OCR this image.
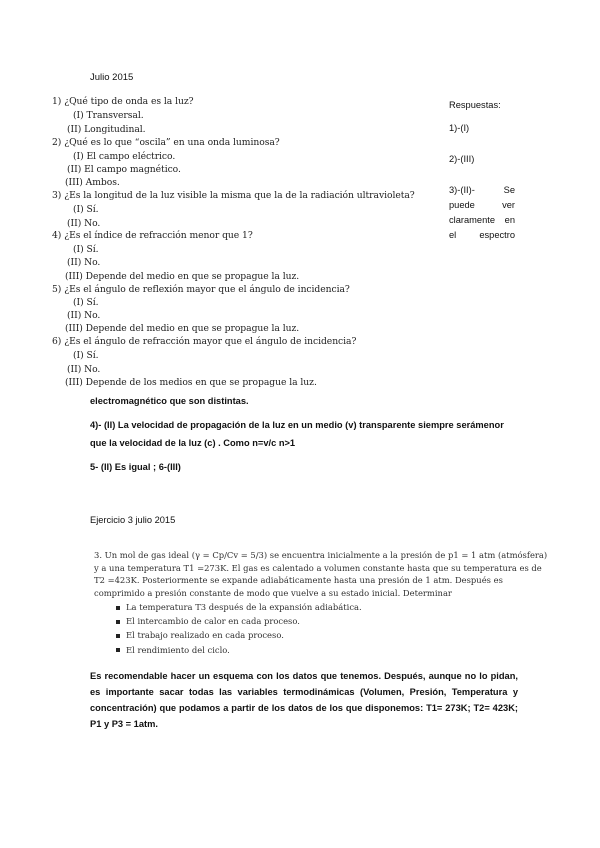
Julio 2015
1) ¿Qué tipo de onda es la luz?
(I) Transversal.
(II) Longitudinal.
2) ¿Qué es lo que “oscila” en una onda luminosa?
(I) El campo eléctrico.
(II) El campo magnético.
(III) Ambos.
3) ¿Es la longitud de la luz visible la misma que la de la radiación ultravioleta?
(I) Sí.
(II) No.
4) ¿Es el índice de refracción menor que 1?
(I) Sí.
(II) No.
(III) Depende del medio en que se propague la luz.
5) ¿Es el ángulo de reflexión mayor que el ángulo de incidencia?
(I) Sí.
(II) No.
(III) Depende del medio en que se propague la luz.
6) ¿Es el ángulo de refracción mayor que el ángulo de incidencia?
(I) Sí.
(II) No.
(III) Depende de los medios en que se propague la luz.
Respuestas:
1)-(I)
2)-(III)

3)-(II)- Se

puede ver

claramente en

el espectro

electromagnético que son distintas.
4)- (II) La velocidad de propagación de la luz en un medio (v) transparente siempre serámenor
que la velocidad de la luz (c) . Como n=v/c n>1
5- (II) Es igual ; 6-(III)
Ejercicio 3 julio 2015
3. Un mol de gas ideal (γ = Cp/Cv = 5/3) se encuentra inicialmente a la presión de p1 = 1 atm (atmósfera) y a una temperatura T1 =273K. El gas es calentado a volumen constante hasta que su temperatura es de T2 =423K. Posteriormente se expande adiabáticamente hasta una presión de 1 atm. Después es comprimido a presión constante de modo que vuelve a su estado inicial. Determinar
La temperatura T3 después de la expansión adiabática.
El intercambio de calor en cada proceso.
El trabajo realizado en cada proceso.
El rendimiento del ciclo.
Es recomendable hacer un esquema con los datos que tenemos. Después, aunque no lo pidan, es importante sacar todas las variables termodinámicas (Volumen, Presión, Temperatura y concentración) que podamos a partir de los datos de los que disponemos: T1= 273K; T2= 423K; P1 y P3 = 1atm.
